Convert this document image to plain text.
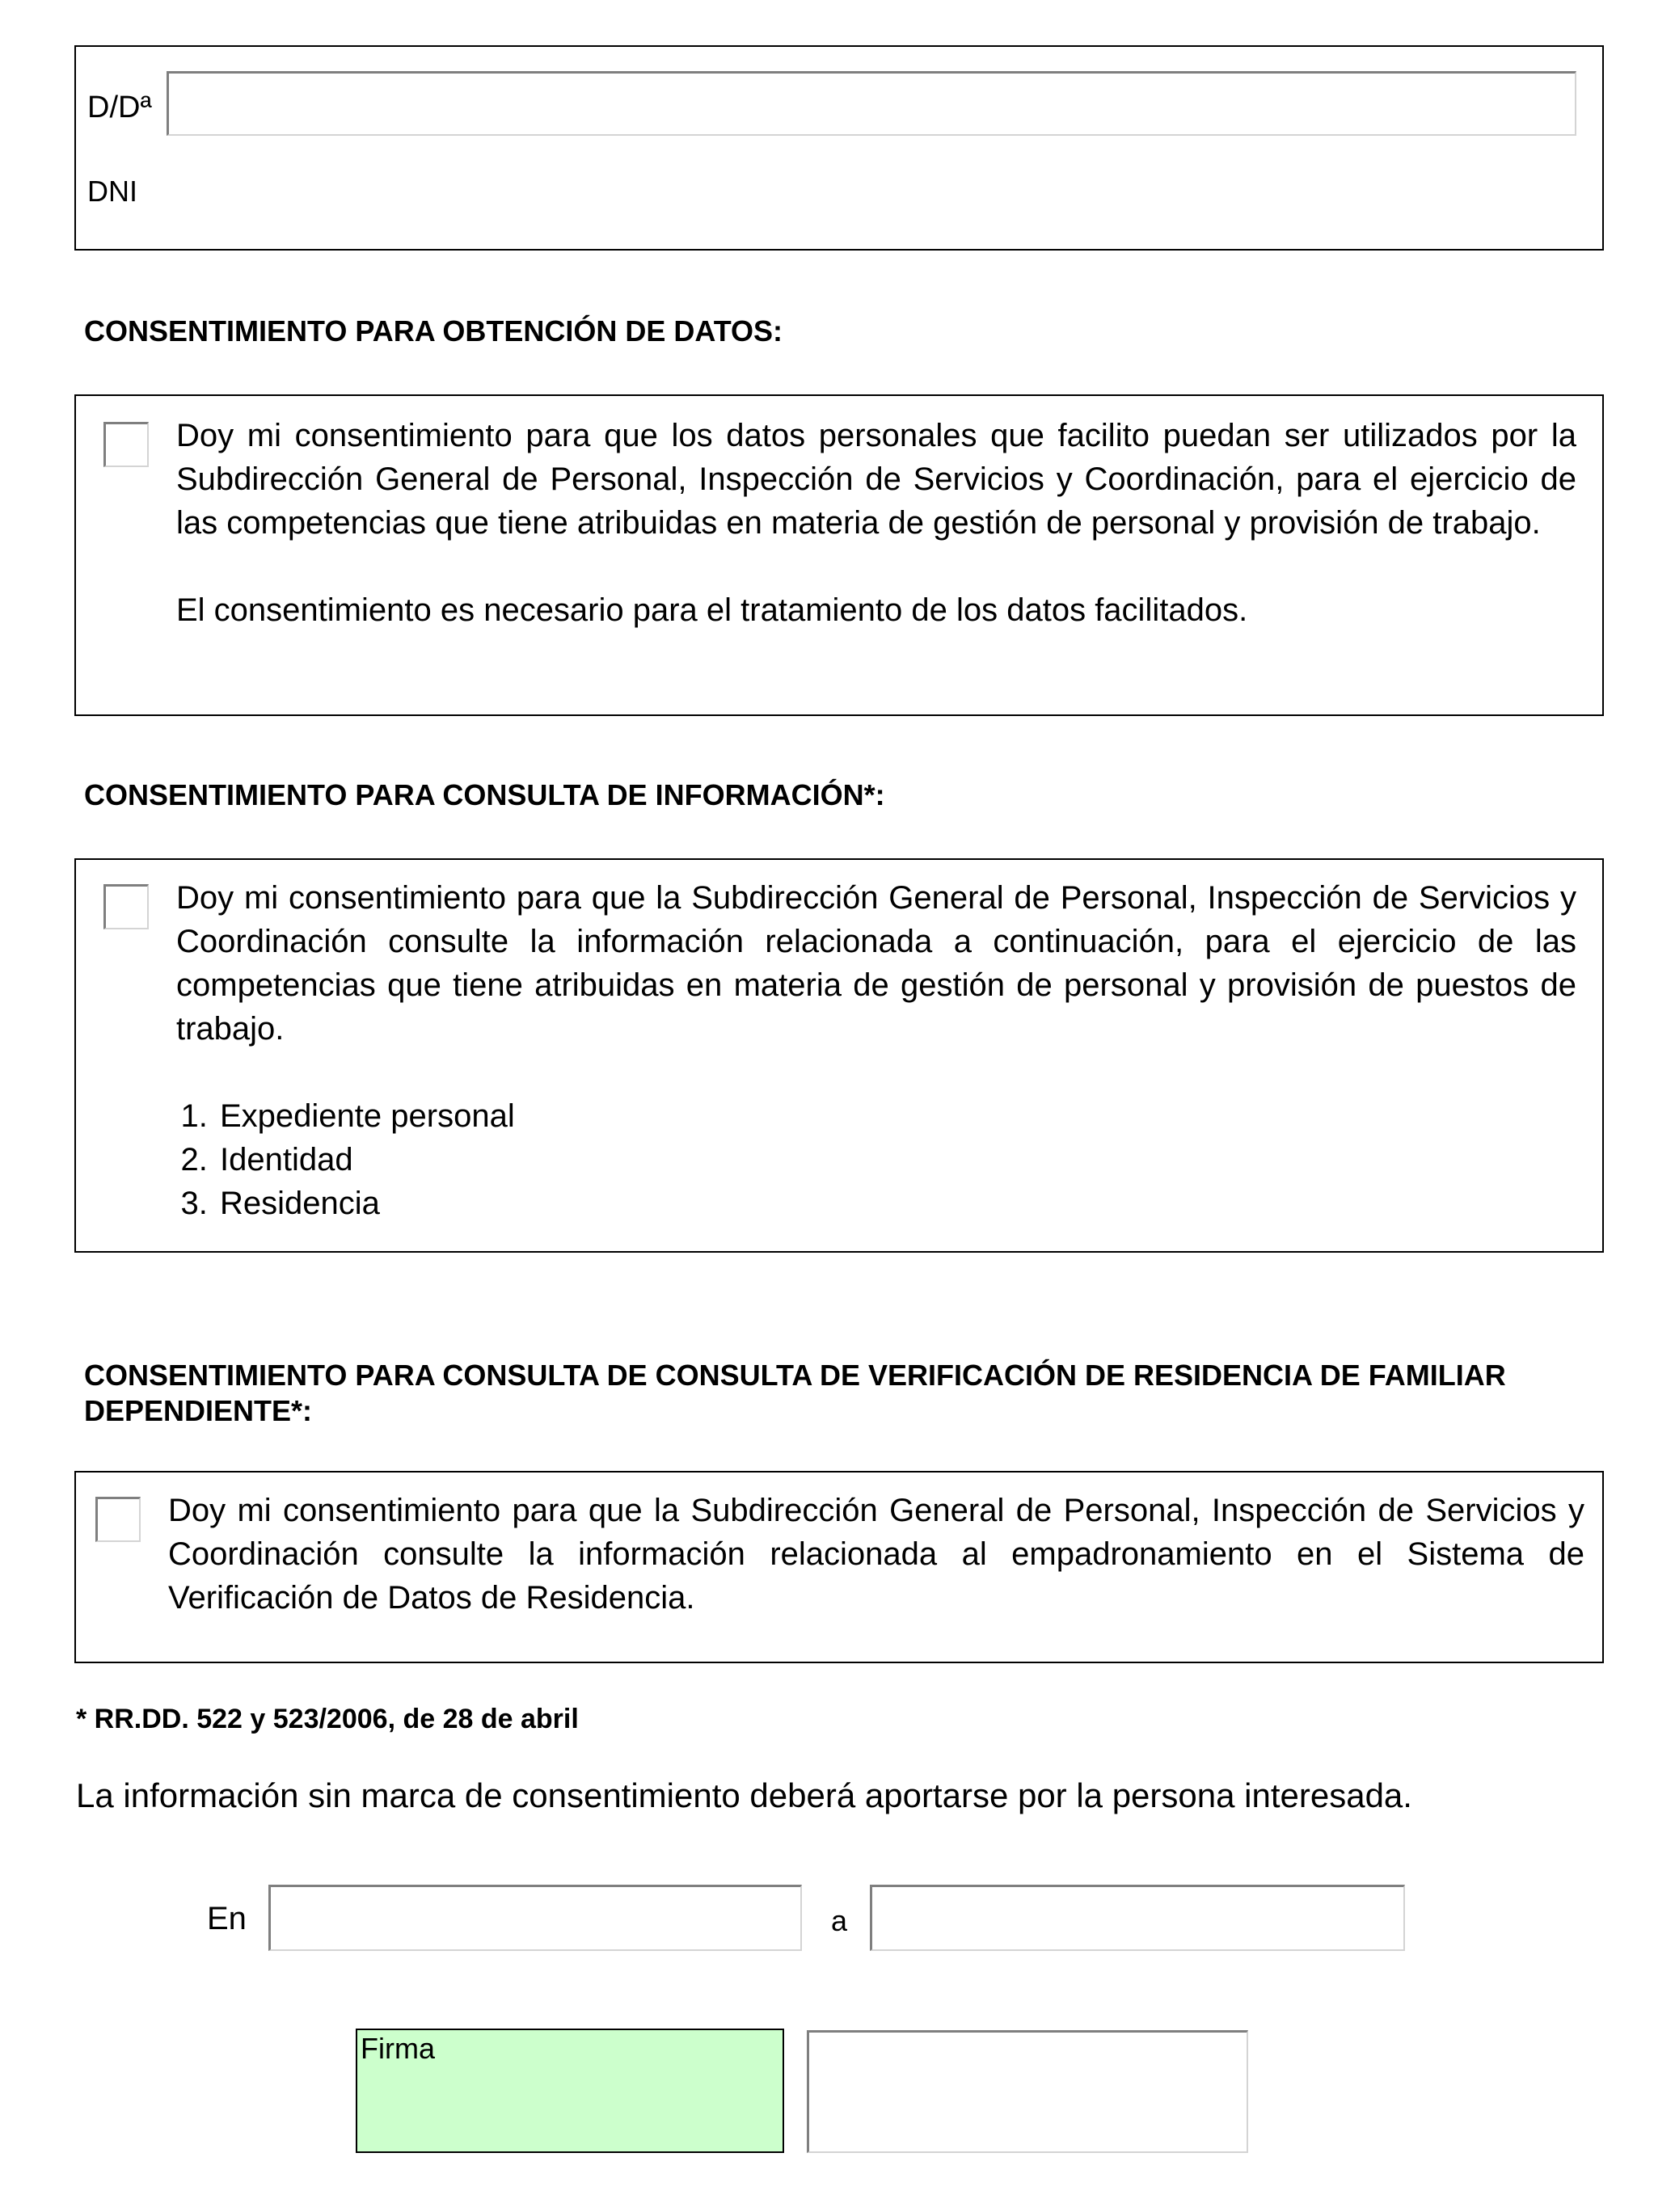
D/Dª
DNI
CONSENTIMIENTO PARA OBTENCIÓN DE DATOS:

Doy mi consentimiento para que los datos personales que facilito puedan ser utilizados por la Subdirección General de Personal, Inspección de Servicios y Coordinación, para el ejercicio de las competencias que tiene atribuidas en materia de gestión de personal y provisión de trabajo.

El consentimiento es necesario para el tratamiento de los datos facilitados.

CONSENTIMIENTO PARA CONSULTA DE INFORMACIÓN*:
Doy mi consentimiento para que la Subdirección General de Personal, Inspección de Servicios y Coordinación consulte la información relacionada a continuación, para el ejercicio de las competencias que tiene atribuidas en materia de gestión de personal y provisión de puestos de trabajo.
1. Expediente personal
2. Identidad
3. Residencia
CONSENTIMIENTO PARA CONSULTA DE CONSULTA DE VERIFICACIÓN DE RESIDENCIA DE FAMILIAR DEPENDIENTE*:
Doy mi consentimiento para que la Subdirección General de Personal, Inspección de Servicios y Coordinación consulte la información relacionada al empadronamiento en el Sistema de Verificación de Datos de Residencia.
* RR.DD. 522 y 523/2006, de 28 de abril
La información sin marca de consentimiento deberá aportarse por la persona interesada.
En	a
Firma
